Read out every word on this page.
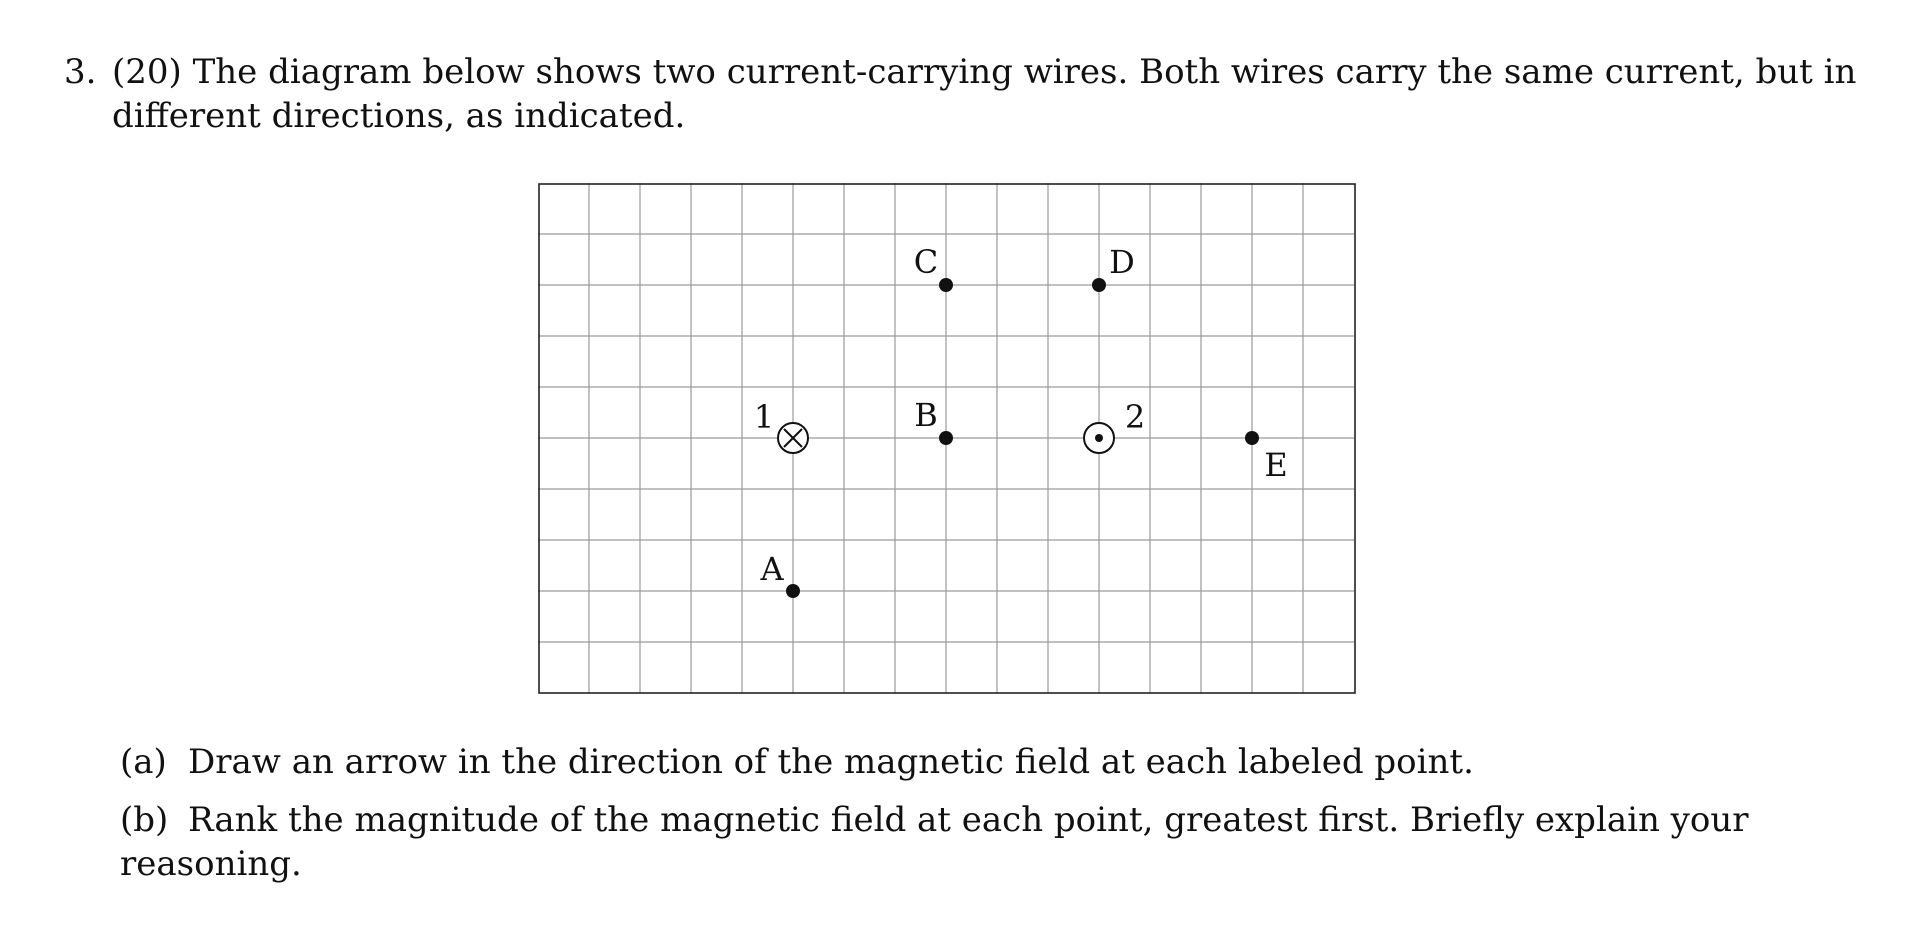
3. (20) The diagram below shows two current-carrying wires. Both wires carry the same current, but in different directions, as indicated.
1	2
C	D
B
E
A
(a) Draw an arrow in the direction of the magnetic field at each labeled point.
(b) Rank the magnitude of the magnetic field at each point, greatest first. Briefly explain your reasoning.
